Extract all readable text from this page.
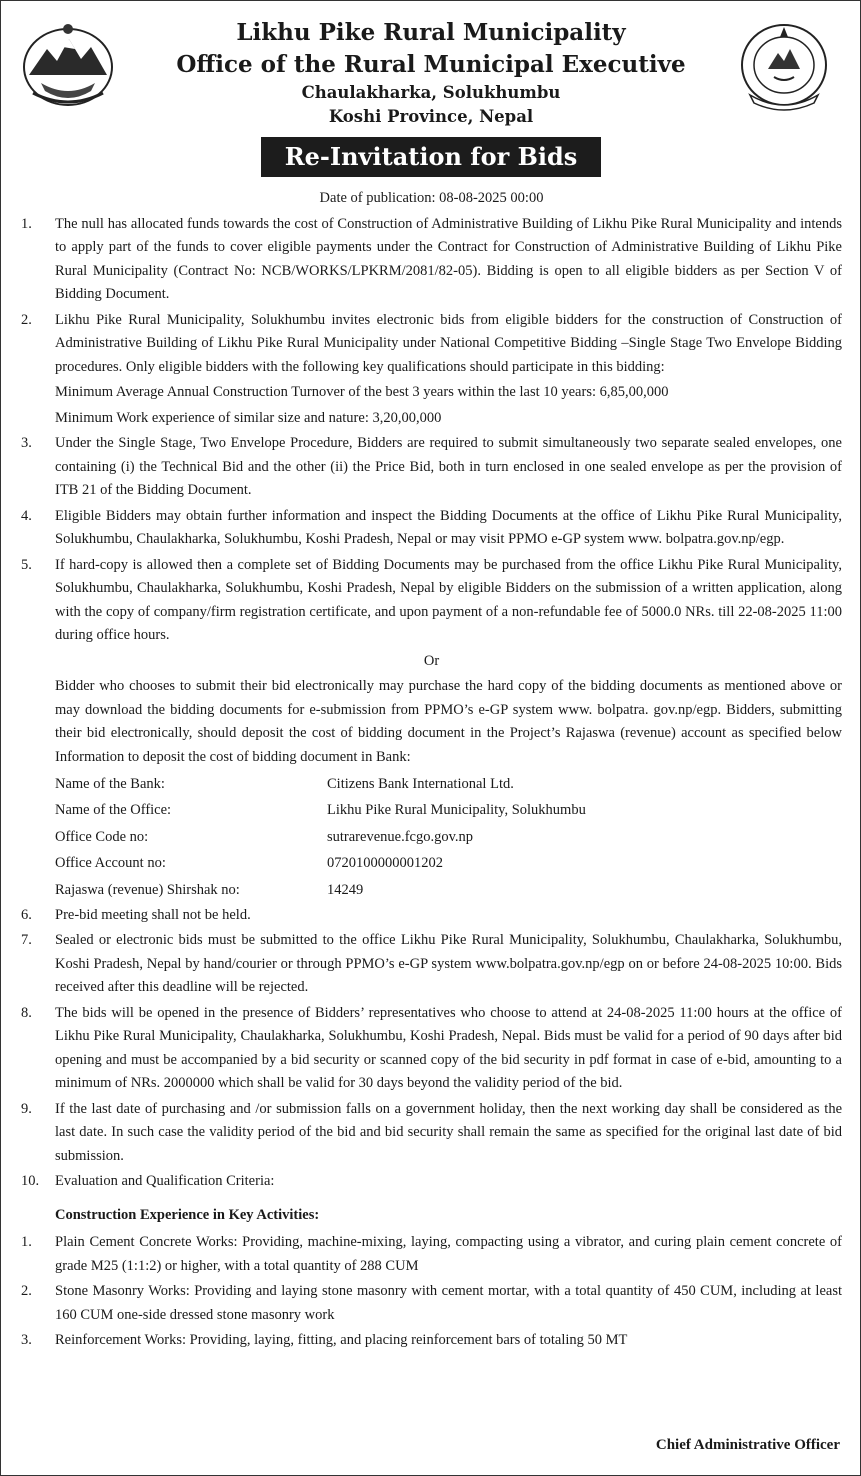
Likhu Pike Rural Municipality
Office of the Rural Municipal Executive
Chaulakharka, Solukhumbu
Koshi Province, Nepal
Re-Invitation for Bids
Date of publication: 08-08-2025 00:00
1. The null has allocated funds towards the cost of Construction of Administrative Building of Likhu Pike Rural Municipality and intends to apply part of the funds to cover eligible payments under the Contract for Construction of Administrative Building of Likhu Pike Rural Municipality (Contract No: NCB/WORKS/LPKRM/2081/82-05). Bidding is open to all eligible bidders as per Section V of Bidding Document.
2. Likhu Pike Rural Municipality, Solukhumbu invites electronic bids from eligible bidders for the construction of Construction of Administrative Building of Likhu Pike Rural Municipality under National Competitive Bidding –Single Stage Two Envelope Bidding procedures. Only eligible bidders with the following key qualifications should participate in this bidding:
Minimum Average Annual Construction Turnover of the best 3 years within the last 10 years: 6,85,00,000
Minimum Work experience of similar size and nature: 3,20,00,000
3. Under the Single Stage, Two Envelope Procedure, Bidders are required to submit simultaneously two separate sealed envelopes, one containing (i) the Technical Bid and the other (ii) the Price Bid, both in turn enclosed in one sealed envelope as per the provision of ITB 21 of the Bidding Document.
4. Eligible Bidders may obtain further information and inspect the Bidding Documents at the office of Likhu Pike Rural Municipality, Solukhumbu, Chaulakharka, Solukhumbu, Koshi Pradesh, Nepal or may visit PPMO e-GP system www. bolpatra.gov.np/egp.
5. If hard-copy is allowed then a complete set of Bidding Documents may be purchased from the office Likhu Pike Rural Municipality, Solukhumbu, Chaulakharka, Solukhumbu, Koshi Pradesh, Nepal by eligible Bidders on the submission of a written application, along with the copy of company/firm registration certificate, and upon payment of a non-refundable fee of 5000.0 NRs. till 22-08-2025 11:00 during office hours.
Or
Bidder who chooses to submit their bid electronically may purchase the hard copy of the bidding documents as mentioned above or may download the bidding documents for e-submission from PPMO’s e-GP system www. bolpatra. gov.np/egp. Bidders, submitting their bid electronically, should deposit the cost of bidding document in the Project’s Rajaswa (revenue) account as specified below Information to deposit the cost of bidding document in Bank:
Name of the Bank:	Citizens Bank International Ltd.
Name of the Office:	Likhu Pike Rural Municipality, Solukhumbu
Office Code no:	sutrarevenue.fcgo.gov.np
Office Account no:	0720100000001202
Rajaswa (revenue) Shirshak no:	14249
6. Pre-bid meeting shall not be held.
7. Sealed or electronic bids must be submitted to the office Likhu Pike Rural Municipality, Solukhumbu, Chaulakharka, Solukhumbu, Koshi Pradesh, Nepal by hand/courier or through PPMO’s e-GP system www.bolpatra.gov.np/egp on or before 24-08-2025 10:00. Bids received after this deadline will be rejected.
8. The bids will be opened in the presence of Bidders’ representatives who choose to attend at 24-08-2025 11:00 hours at the office of Likhu Pike Rural Municipality, Chaulakharka, Solukhumbu, Koshi Pradesh, Nepal. Bids must be valid for a period of 90 days after bid opening and must be accompanied by a bid security or scanned copy of the bid security in pdf format in case of e-bid, amounting to a minimum of NRs. 2000000 which shall be valid for 30 days beyond the validity period of the bid.
9. If the last date of purchasing and /or submission falls on a government holiday, then the next working day shall be considered as the last date. In such case the validity period of the bid and bid security shall remain the same as specified for the original last date of bid submission.
10. Evaluation and Qualification Criteria:
Construction Experience in Key Activities:
1. Plain Cement Concrete Works: Providing, machine-mixing, laying, compacting using a vibrator, and curing plain cement concrete of grade M25 (1:1:2) or higher, with a total quantity of 288 CUM
2. Stone Masonry Works: Providing and laying stone masonry with cement mortar, with a total quantity of 450 CUM, including at least 160 CUM one-side dressed stone masonry work
3. Reinforcement Works: Providing, laying, fitting, and placing reinforcement bars of totaling 50 MT
Chief Administrative Officer
